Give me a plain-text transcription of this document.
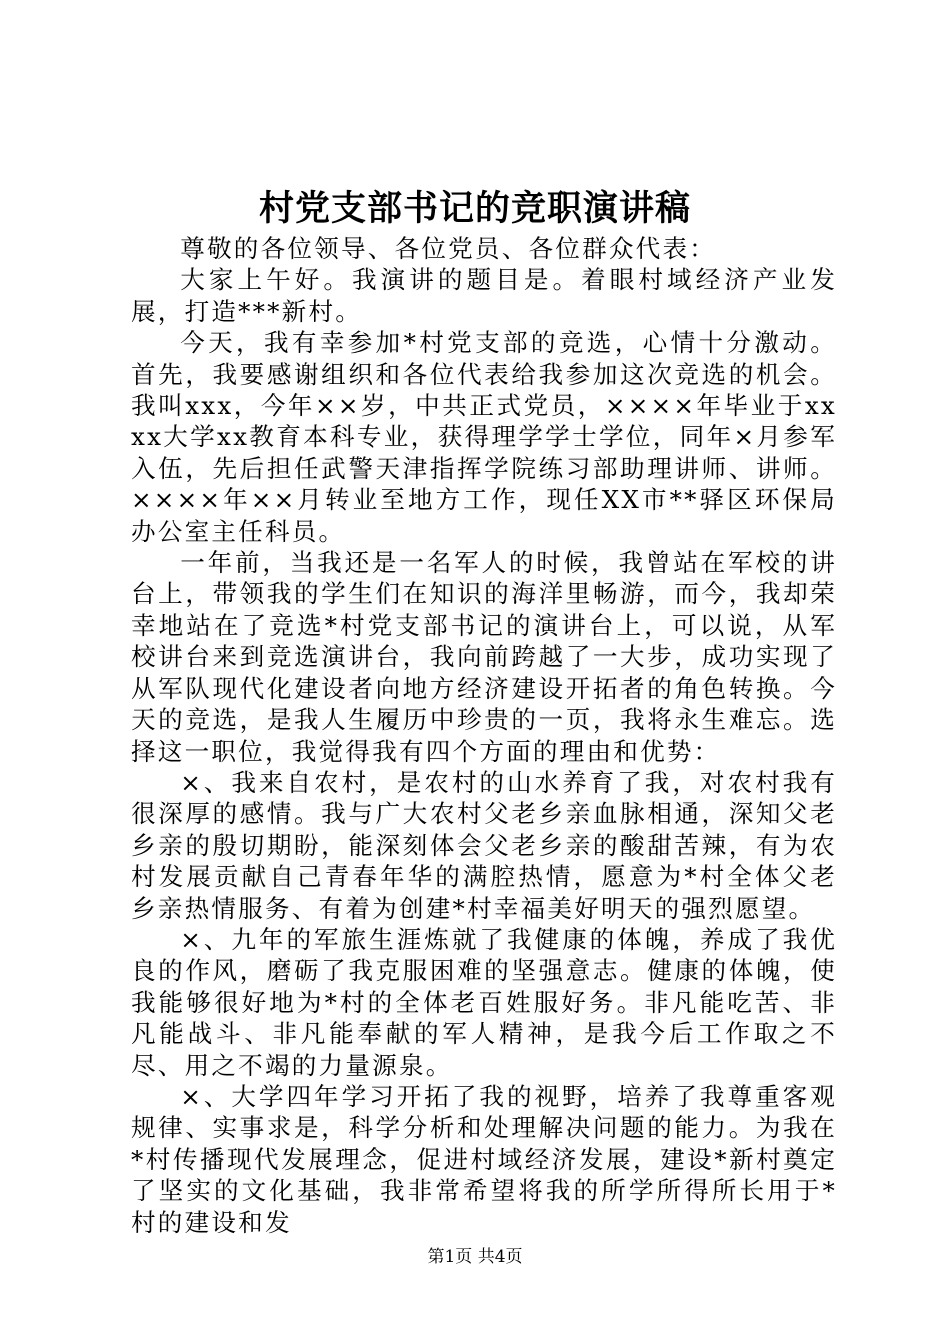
村党支部书记的竞职演讲稿

尊敬的各位领导、各位党员、各位群众代表：

大家上午好。我演讲的题目是。着眼村域经济产业发展，打造***新村。

今天，我有幸参加*村党支部的竞选，心情十分激动。首先，我要感谢组织和各位代表给我参加这次竞选的机会。我叫xxx，今年××岁，中共正式党员，××××年毕业于xxxx大学xx教育本科专业，获得理学学士学位，同年×月参军入伍，先后担任武警天津指挥学院练习部助理讲师、讲师。××××年××月转业至地方工作，现任XX市**驿区环保局办公室主任科员。

一年前，当我还是一名军人的时候，我曾站在军校的讲台上，带领我的学生们在知识的海洋里畅游，而今，我却荣幸地站在了竞选*村党支部书记的演讲台上，可以说，从军校讲台来到竞选演讲台，我向前跨越了一大步，成功实现了从军队现代化建设者向地方经济建设开拓者的角色转换。今天的竞选，是我人生履历中珍贵的一页，我将永生难忘。选择这一职位，我觉得我有四个方面的理由和优势：

×、我来自农村，是农村的山水养育了我，对农村我有很深厚的感情。我与广大农村父老乡亲血脉相通，深知父老乡亲的殷切期盼，能深刻体会父老乡亲的酸甜苦辣，有为农村发展贡献自己青春年华的满腔热情，愿意为*村全体父老乡亲热情服务、有着为创建*村幸福美好明天的强烈愿望。

×、九年的军旅生涯炼就了我健康的体魄，养成了我优良的作风，磨砺了我克服困难的坚强意志。健康的体魄，使我能够很好地为*村的全体老百姓服好务。非凡能吃苦、非凡能战斗、非凡能奉献的军人精神，是我今后工作取之不尽、用之不竭的力量源泉。

×、大学四年学习开拓了我的视野，培养了我尊重客观规律、实事求是，科学分析和处理解决问题的能力。为我在*村传播现代发展理念，促进村域经济发展，建设*新村奠定了坚实的文化基础，我非常希望将我的所学所得所长用于*村的建设和发

第1页 共4页
